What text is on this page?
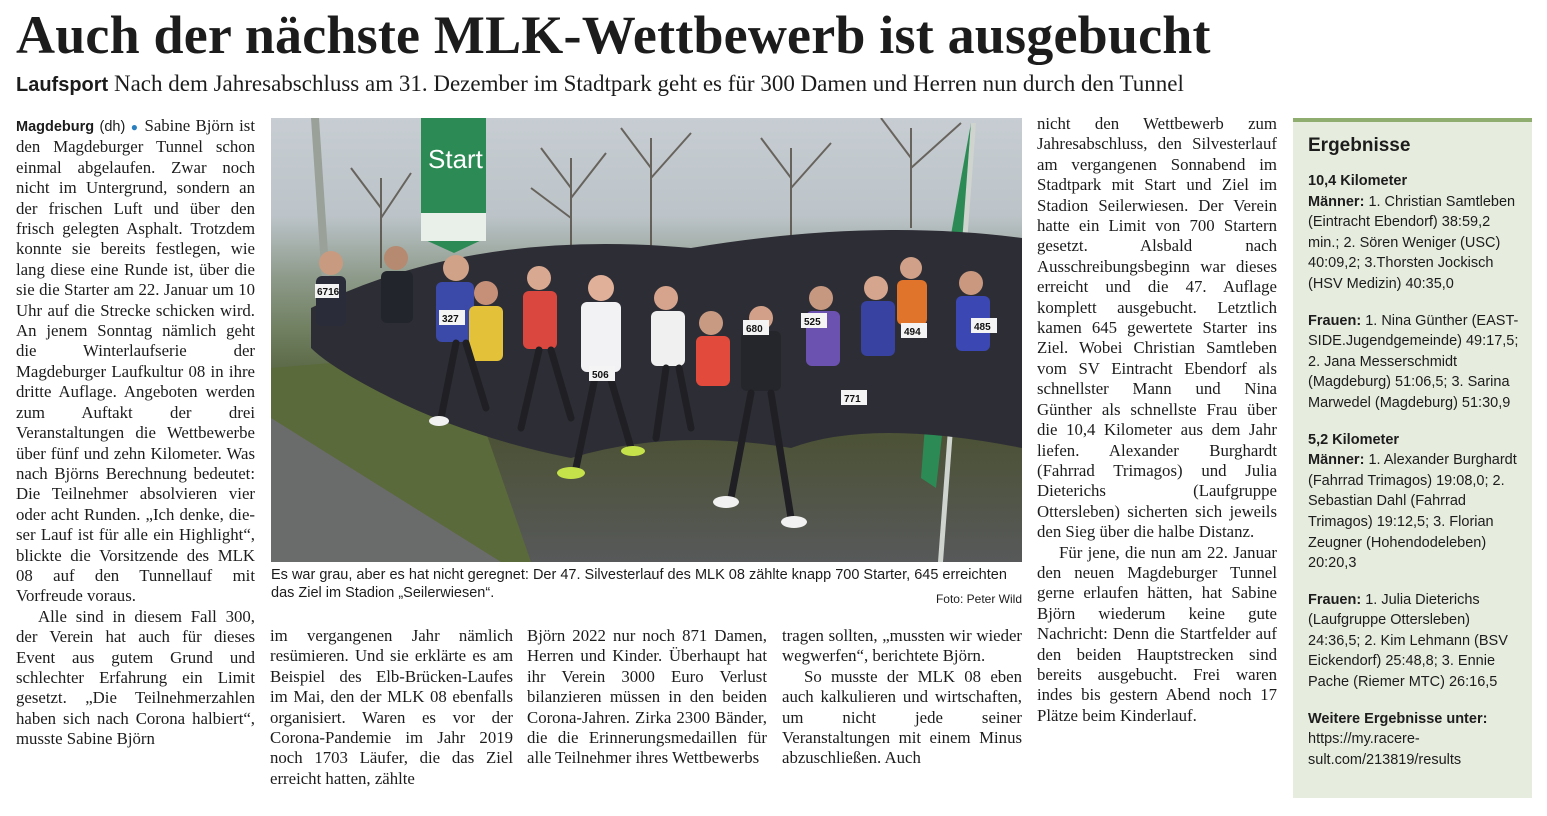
Auch der nächste MLK-Wettbewerb ist ausgebucht
Laufsport Nach dem Jahresabschluss am 31. Dezember im Stadtpark geht es für 300 Damen und Herren nun durch den Tunnel

Magdeburg (dh) ● Sabine Björn ist den Magdeburger Tunnel schon einmal abgelaufen. Zwar noch nicht im Untergrund, sondern an der frischen Luft und über den frisch gelegten Asphalt. Trotzdem konnte sie bereits festlegen, wie lang diese eine Runde ist, über die sie die Starter am 22. Januar um 10 Uhr auf die Strecke schicken wird. An jenem Sonntag nämlich geht die Winterlaufserie der Magdeburger Laufkultur 08 in ihre dritte Auflage. Angeboten werden zum Auftakt der drei Veranstaltungen die Wettbewerbe über fünf und zehn Kilometer. Was nach Björns Berechnung bedeutet: Die Teilnehmer absolvieren vier oder acht Runden. „Ich denke, dieser Lauf ist für alle ein Highlight“, blickte die Vorsitzende des MLK 08 auf den Tunnellauf mit Vorfreude voraus.

Alle sind in diesem Fall 300, der Verein hat auch für dieses Event aus gutem Grund und schlechter Erfahrung ein Limit gesetzt. „Die Teilnehmerzahlen haben sich nach Corona halbiert“, musste Sabine Björn

Start
6716
327
506
680
525
494	485
771
Es war grau, aber es hat nicht geregnet: Der 47. Silvesterlauf des MLK 08 zählte knapp 700 Starter, 645 erreichten das Ziel im Stadion „Seilerwiesen“.	Foto: Peter Wild

im vergangenen Jahr nämlich resümieren. Und sie erklärte es am Beispiel des Elb-Brücken-Laufes im Mai, den der MLK 08 ebenfalls organisiert. Waren es vor der Corona-Pandemie im Jahr 2019 noch 1703 Läufer, die das Ziel erreicht hatten, zählte

Björn 2022 nur noch 871 Damen, Herren und Kinder. Überhaupt hat ihr Verein 3000 Euro Verlust bilanzieren müssen in den beiden Corona-Jahren. Zirka 2300 Bänder, die die Erinnerungsmedaillen für alle Teilnehmer ihres Wettbewerbs

tragen sollten, „mussten wir wieder wegwerfen“, berichtete Björn.

So musste der MLK 08 eben auch kalkulieren und wirtschaften, um nicht jede seiner Veranstaltungen mit einem Minus abzuschließen. Auch

nicht den Wettbewerb zum Jahresabschluss, den Silvesterlauf am vergangenen Sonnabend im Stadtpark mit Start und Ziel im Stadion Seilerwiesen. Der Verein hatte ein Limit von 700 Startern gesetzt. Alsbald nach Ausschreibungsbeginn war dieses erreicht und die 47. Auflage komplett ausgebucht. Letztlich kamen 645 gewertete Starter ins Ziel. Wobei Christian Samtleben vom SV Eintracht Ebendorf als schnellster Mann und Nina Günther als schnellste Frau über die 10,4 Kilometer aus dem Jahr liefen. Alexander Burghardt (Fahrrad Trimagos) und Julia Dieterichs (Laufgruppe Ottersleben) sicherten sich jeweils den Sieg über die halbe Distanz.

Für jene, die nun am 22. Januar den neuen Magdeburger Tunnel gerne erlaufen hätten, hat Sabine Björn wiederum keine gute Nachricht: Denn die Startfelder auf den beiden Hauptstrecken sind bereits ausgebucht. Frei waren indes bis gestern Abend noch 17 Plätze beim Kinderlauf.

Ergebnisse
10,4 Kilometer
Männer: 1. Christian Samtleben (Eintracht Ebendorf) 38:59,2 min.; 2. Sören Weniger (USC) 40:09,2; 3.Thorsten Jockisch (HSV Medizin) 40:35,0
Frauen: 1. Nina Günther (EAST-SIDE.Jugendgemeinde) 49:17,5; 2. Jana Messerschmidt (Magdeburg) 51:06,5; 3. Sarina Marwedel (Magdeburg) 51:30,9
5,2 Kilometer
Männer: 1. Alexander Burghardt (Fahrrad Trimagos) 19:08,0; 2. Sebastian Dahl (Fahrrad Trimagos) 19:12,5; 3. Florian Zeugner (Hohendodeleben) 20:20,3
Frauen: 1. Julia Dieterichs (Laufgruppe Ottersleben) 24:36,5; 2. Kim Lehmann (BSV Eickendorf) 25:48,8; 3. Ennie Pache (Riemer MTC) 26:16,5
Weitere Ergebnisse unter:
https://my.raceresult.com/213819/results
